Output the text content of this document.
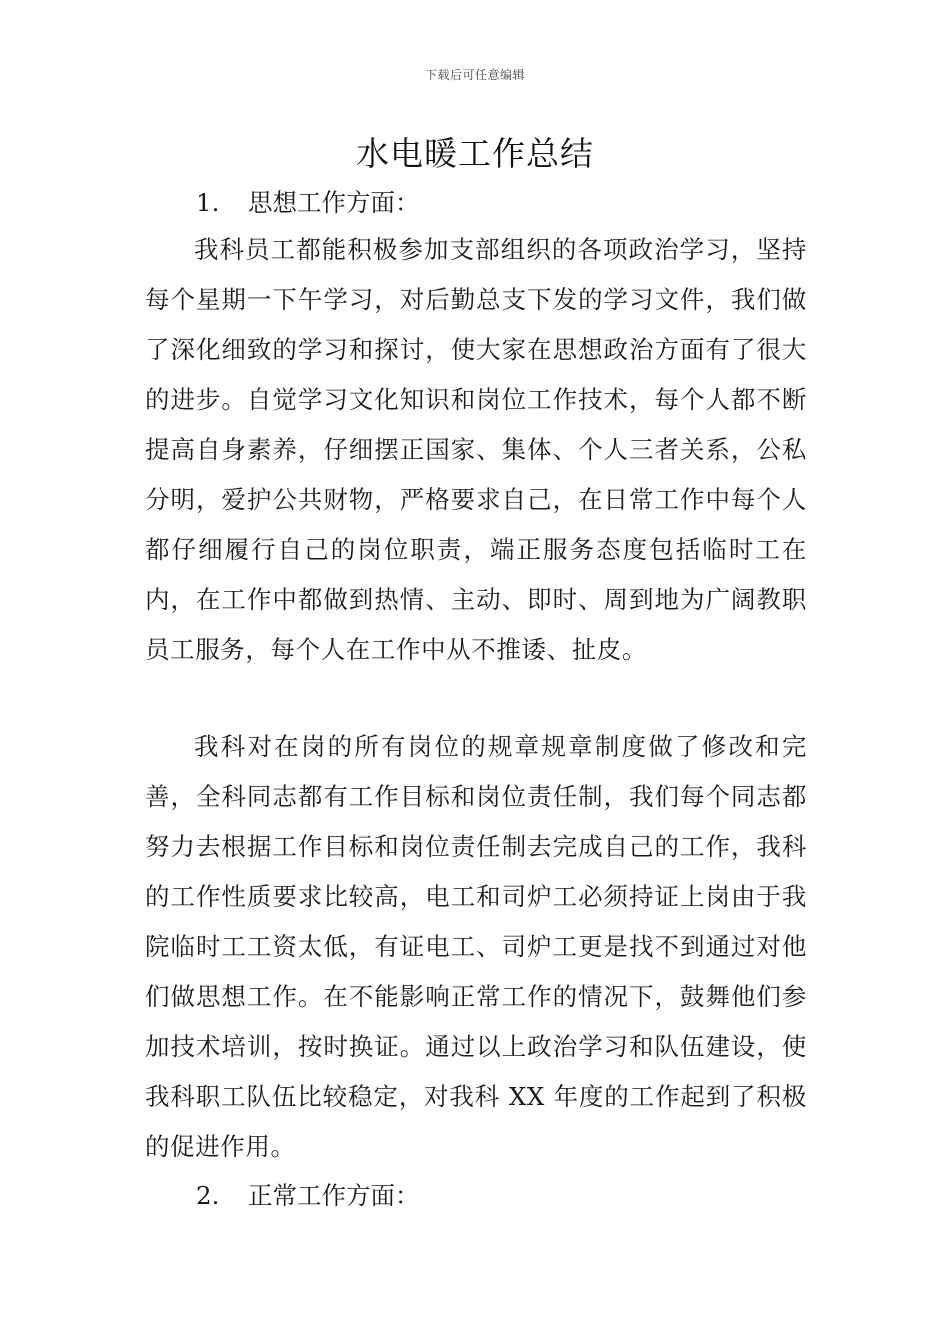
下载后可任意编辑
水电暖工作总结
1. 思想工作方面：

我科员工都能积极参加支部组织的各项政治学习，坚持每个星期一下午学习，对后勤总支下发的学习文件，我们做了深化细致的学习和探讨，使大家在思想政治方面有了很大的进步。自觉学习文化知识和岗位工作技术，每个人都不断提高自身素养，仔细摆正国家、集体、个人三者关系，公私分明，爱护公共财物，严格要求自己，在日常工作中每个人都仔细履行自己的岗位职责，端正服务态度包括临时工在内，在工作中都做到热情、主动、即时、周到地为广阔教职员工服务，每个人在工作中从不推诿、扯皮。

我科对在岗的所有岗位的规章规章制度做了修改和完善，全科同志都有工作目标和岗位责任制，我们每个同志都努力去根据工作目标和岗位责任制去完成自己的工作，我科的工作性质要求比较高，电工和司炉工必须持证上岗由于我院临时工工资太低，有证电工、司炉工更是找不到通过对他们做思想工作。在不能影响正常工作的情况下，鼓舞他们参加技术培训，按时换证。通过以上政治学习和队伍建设，使我科职工队伍比较稳定，对我科 XX 年度的工作起到了积极的促进作用。

2. 正常工作方面：
